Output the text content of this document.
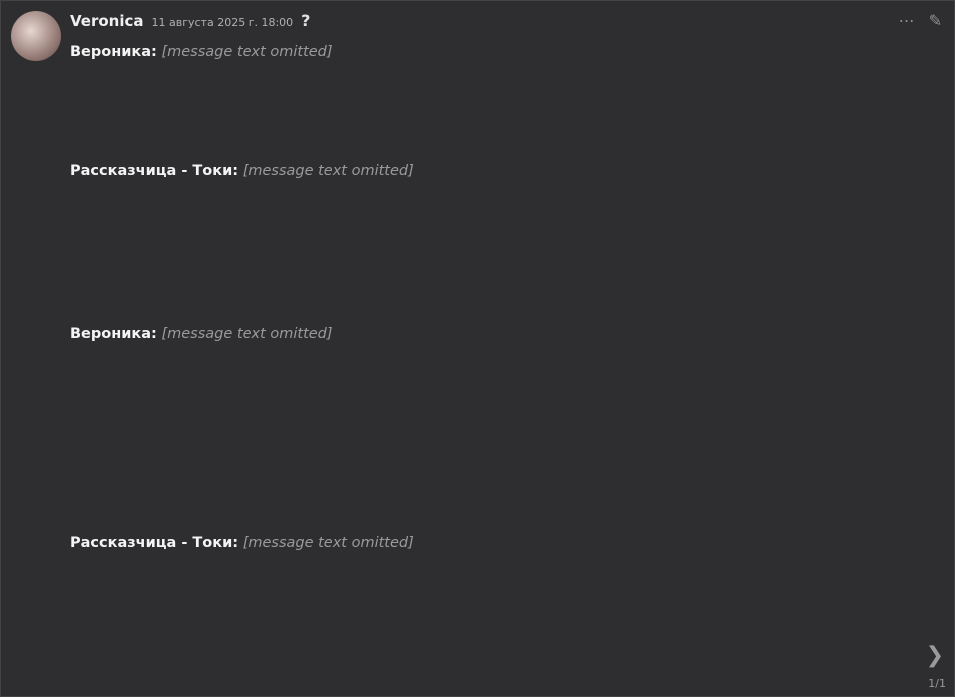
Veronica 11 августа 2025 г. 18:00 ?	⋯ ✎

Вероника: [message text omitted]

Рассказчица - Токи: [message text omitted]

Вероника: [message text omitted]

Рассказчица - Токи: [message text omitted]

❯
1/1
